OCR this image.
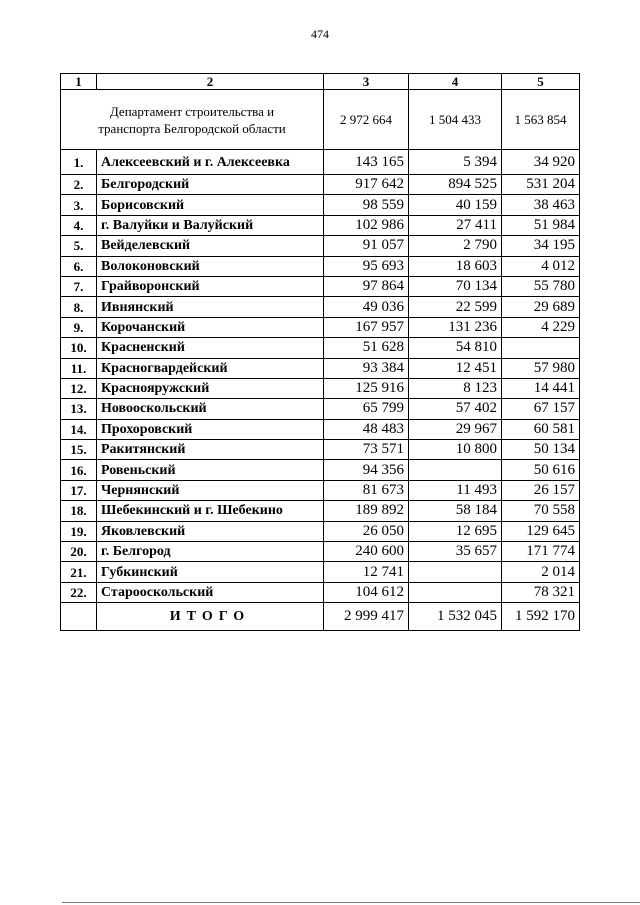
474
1	2	3	4	5
Департамент строительства и
транспорта Белгородской области		2 972 664	1 504 433	1 563 854
1.	Алексеевский и г. Алексеевка	143 165	5 394	34 920
2.	Белгородский	917 642	894 525	531 204
3.	Борисовский	98 559	40 159	38 463
4.	г. Валуйки и Валуйский	102 986	27 411	51 984
5.	Вейделевский	91 057	2 790	34 195
6.	Волоконовский	95 693	18 603	4 012
7.	Грайворонский	97 864	70 134	55 780
8.	Ивнянский	49 036	22 599	29 689
9.	Корочанский	167 957	131 236	4 229
10.	Красненский	51 628	54 810	
11.	Красногвардейский	93 384	12 451	57 980
12.	Краснояружский	125 916	8 123	14 441
13.	Новооскольский	65 799	57 402	67 157
14.	Прохоровский	48 483	29 967	60 581
15.	Ракитянский	73 571	10 800	50 134
16.	Ровеньский	94 356		50 616
17.	Чернянский	81 673	11 493	26 157
18.	Шебекинский и г. Шебекино	189 892	58 184	70 558
19.	Яковлевский	26 050	12 695	129 645
20.	г. Белгород	240 600	35 657	171 774
21.	Губкинский	12 741		2 014
22.	Старооскольский	104 612		78 321
	ИТОГО	2 999 417	1 532 045	1 592 170
